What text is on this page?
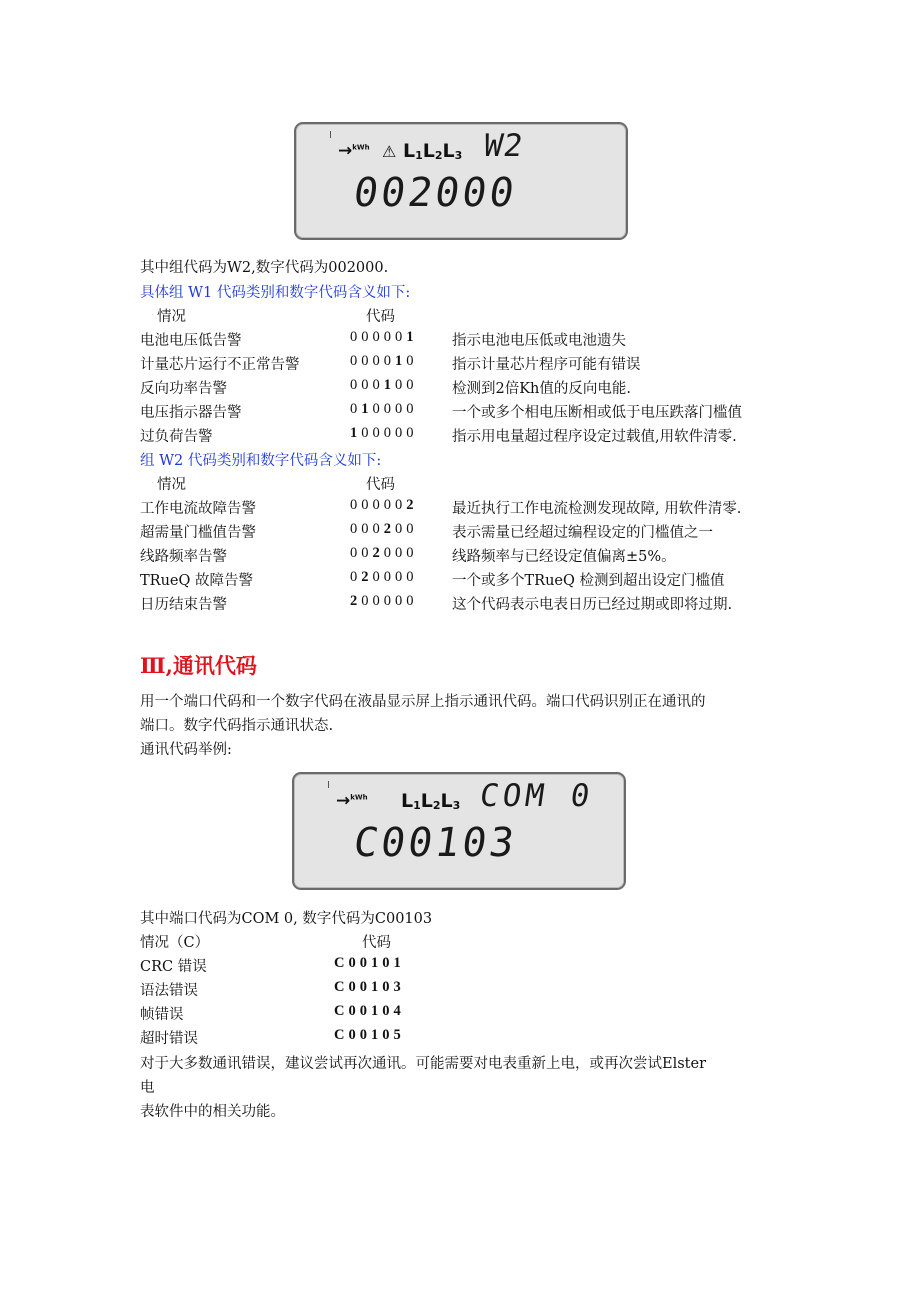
→$^{kWh}$ ⚠ $L_1L_2L_3$ W2
002000
其中组代码为W2,数字代码为002000.
具体组 W1 代码类别和数字代码含义如下:
情况	代码
电池电压低告警	000001 指示电池电压低或电池遗失
计量芯片运行不正常告警	000010 指示计量芯片程序可能有错误
反向功率告警	000100 检测到2倍Kh值的反向电能.
电压指示器告警	010000 一个或多个相电压断相或低于电压跌落门槛值
过负荷告警	100000 指示用电量超过程序设定过载值,用软件清零.
组 W2 代码类别和数字代码含义如下:
情况	代码
工作电流故障告警	000002 最近执行工作电流检测发现故障, 用软件清零.
超需量门槛值告警	000200 表示需量已经超过编程设定的门槛值之一
线路频率告警	002000 线路频率与已经设定值偏离±5%。
TRueQ 故障告警	020000 一个或多个TRueQ 检测到超出设定门槛值
日历结束告警	200000 这个代码表示电表日历已经过期或即将过期.
Ⅲ,通讯代码
用一个端口代码和一个数字代码在液晶显示屏上指示通讯代码。端口代码识别正在通讯的
端口。数字代码指示通讯状态.
通讯代码举例:
→$^{kWh}$ $L_1L_2L_3$ COM 0
C00103
其中端口代码为COM 0, 数字代码为C00103
情况（C）	代码
CRC 错误	C00101
语法错误	C00103
帧错误	C00104
超时错误	C00105
对于大多数通讯错误，建议尝试再次通讯。可能需要对电表重新上电，或再次尝试Elster
电
表软件中的相关功能。
